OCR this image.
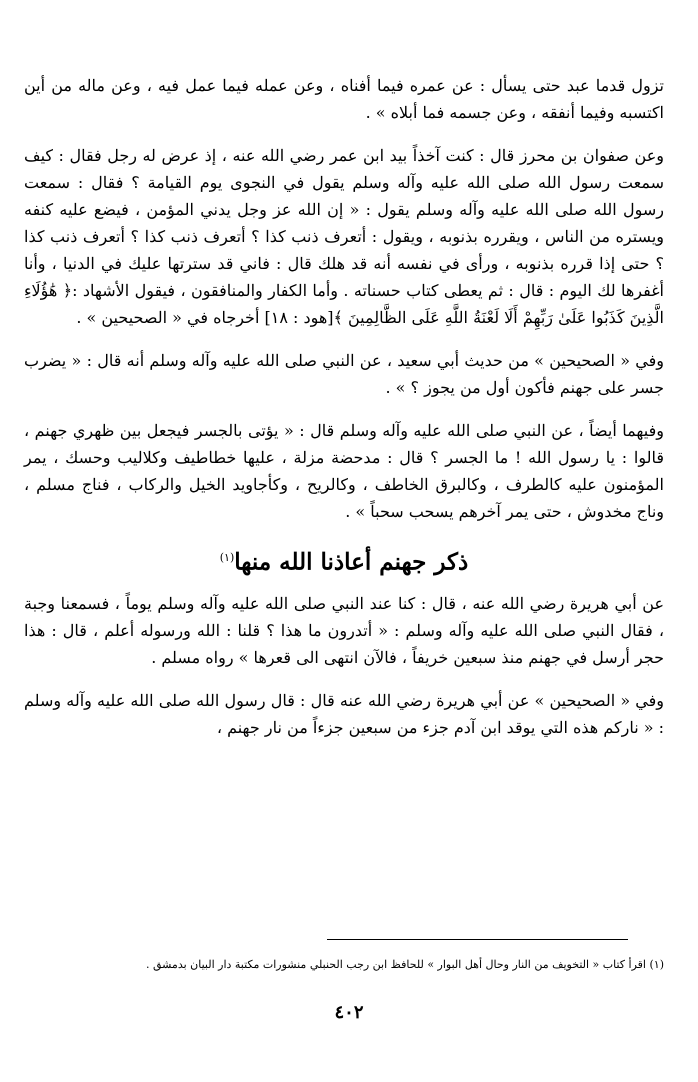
تزول قدما عبد حتى يسأل : عن عمره فيما أفناه ، وعن عمله فيما عمل فيه ، وعن ماله من أين اكتسبه وفيما أنفقه ، وعن جسمه فما أبلاه » .

وعن صفوان بن محرز قال : كنت آخذاً بيد ابن عمر رضي الله عنه ، إذ عرض له رجل فقال : كيف سمعت رسول الله صلى الله عليه وآله وسلم يقول في النجوى يوم القيامة ؟ فقال : سمعت رسول الله صلى الله عليه وآله وسلم يقول : « إن الله عز وجل يدني المؤمن ، فيضع عليه كنفه ويستره من الناس ، ويقرره بذنوبه ، ويقول : أتعرف ذنب كذا ؟ أتعرف ذنب كذا ؟ أتعرف ذنب كذا ؟ حتى إذا قرره بذنوبه ، ورأى في نفسه أنه قد هلك قال : فاني قد سترتها عليك في الدنيا ، وأنا أغفرها لك اليوم : قال : ثم يعطى كتاب حسناته . وأما الكفار والمنافقون ، فيقول الأشهاد :﴿ هَٰؤُلَاءِ الَّذِينَ كَذَبُوا عَلَىٰ رَبِّهِمْ أَلَا لَعْنَةُ اللَّهِ عَلَى الظَّالِمِينَ ﴾[هود : ١٨] أخرجاه في « الصحيحين » .

وفي « الصحيحين » من حديث أبي سعيد ، عن النبي صلى الله عليه وآله وسلم أنه قال : « يضرب جسر على جهنم فأكون أول من يجوز ؟ » .

وفيهما أيضاً ، عن النبي صلى الله عليه وآله وسلم قال : « يؤتى بالجسر فيجعل بين ظهري جهنم ، قالوا : يا رسول الله ! ما الجسر ؟ قال : مدحضة مزلة ، عليها خطاطيف وكلاليب وحسك ، يمر المؤمنون عليه كالطرف ، وكالبرق الخاطف ، وكالريح ، وكأجاويد الخيل والركاب ، فناج مسلم ، وناج مخدوش ، حتى يمر آخرهم يسحب سحباً » .

ذكر جهنم أعاذنا الله منها$^{(١)}$

عن أبي هريرة رضي الله عنه ، قال : كنا عند النبي صلى الله عليه وآله وسلم يوماً ، فسمعنا وجبة ، فقال النبي صلى الله عليه وآله وسلم : « أتدرون ما هذا ؟ قلنا : الله ورسوله أعلم ، قال : هذا حجر أرسل في جهنم منذ سبعين خريفاً ، فالآن انتهى الى قعرها » رواه مسلم .

وفي « الصحيحين » عن أبي هريرة رضي الله عنه قال : قال رسول الله صلى الله عليه وآله وسلم : « ناركم هذه التي يوقد ابن آدم جزء من سبعين جزءاً من نار جهنم ،

(١) اقرأ كتاب « التخويف من النار وحال أهل البوار » للحافظ ابن رجب الحنبلي منشورات مكتبة دار البيان بدمشق .
٤٠٢
